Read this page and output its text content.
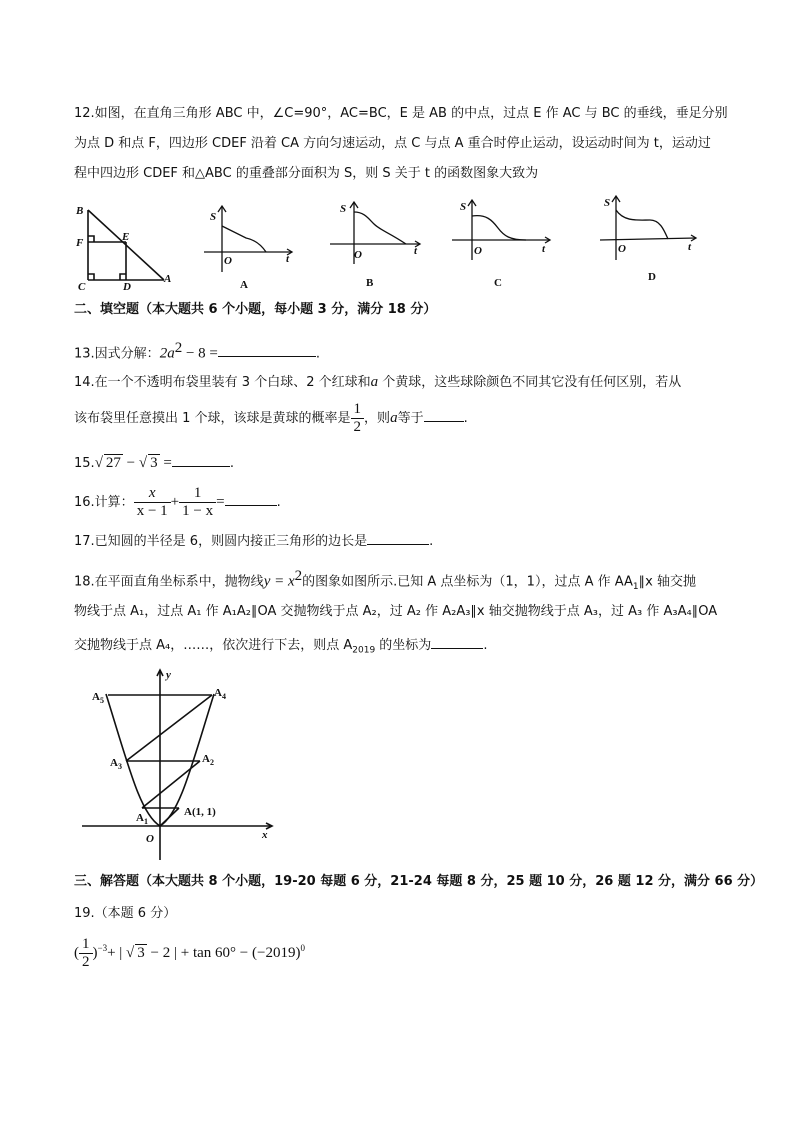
12.如图，在直角三角形 ABC 中，∠C=90°，AC=BC，E 是 AB 的中点，过点 E 作 AC 与 BC 的垂线，垂足分别
为点 D 和点 F，四边形 CDEF 沿着 CA 方向匀速运动，点 C 与点 A 重合时停止运动，设运动时间为 t，运动过
程中四边形 CDEF 和△ABC 的重叠部分面积为 S，则 S 关于 t 的函数图象大致为
B
F	E
C	D
A
S
O	t
A
S
O	t
B
S
O	t
C
S
O	t
D
二、填空题（本大题共 6 个小题，每小题 3 分，满分 18 分）
13.因式分解：$2a^2 - 8$ =	.
14.在一个不透明布袋里装有 3 个白球、2 个红球和a 个黄球，这些球除颜色不同其它没有任何区别，若从
该布袋里任意摸出 1 个球，该球是黄球的概率是 $\frac{1}{2}$ ，则a等于	.
15.√ 27 − √ 3 =	.
16.计算： $\frac{x}{x - 1} + \frac{1}{1 - x}$ =	.
17.已知圆的半径是 6，则圆内接正三角形的边长是	.
18.在平面直角坐标系中，抛物线$y = x^2$的图象如图所示.已知 A 点坐标为（1，1），过点 A 作 $AA_1\parallel x$ 轴交抛
物线于点 A₁，过点 A₁ 作 A₁A₂∥OA 交抛物线于点 A₂，过 A₂ 作 A₂A₃∥x 轴交抛物线于点 A₃，过 A₃ 作 A₃A₄∥OA
交抛物线于点 A₄，……，依次进行下去，则点 $A_{2019}$ 的坐标为	.
y
x
$A_5$
$A_4$
$A_3$
$A_2$
$A_1$
A(1, 1)
O
三、解答题（本大题共 8 个小题，19-20 每题 6 分，21-24 每题 8 分，25 题 10 分，26 题 12 分，满分 66 分）
19.（本题 6 分）
( $\frac{1}{2} )^{-3}+$ | √ 3 − 2 | + $\tan 60^\circ - (-2019)^0$
